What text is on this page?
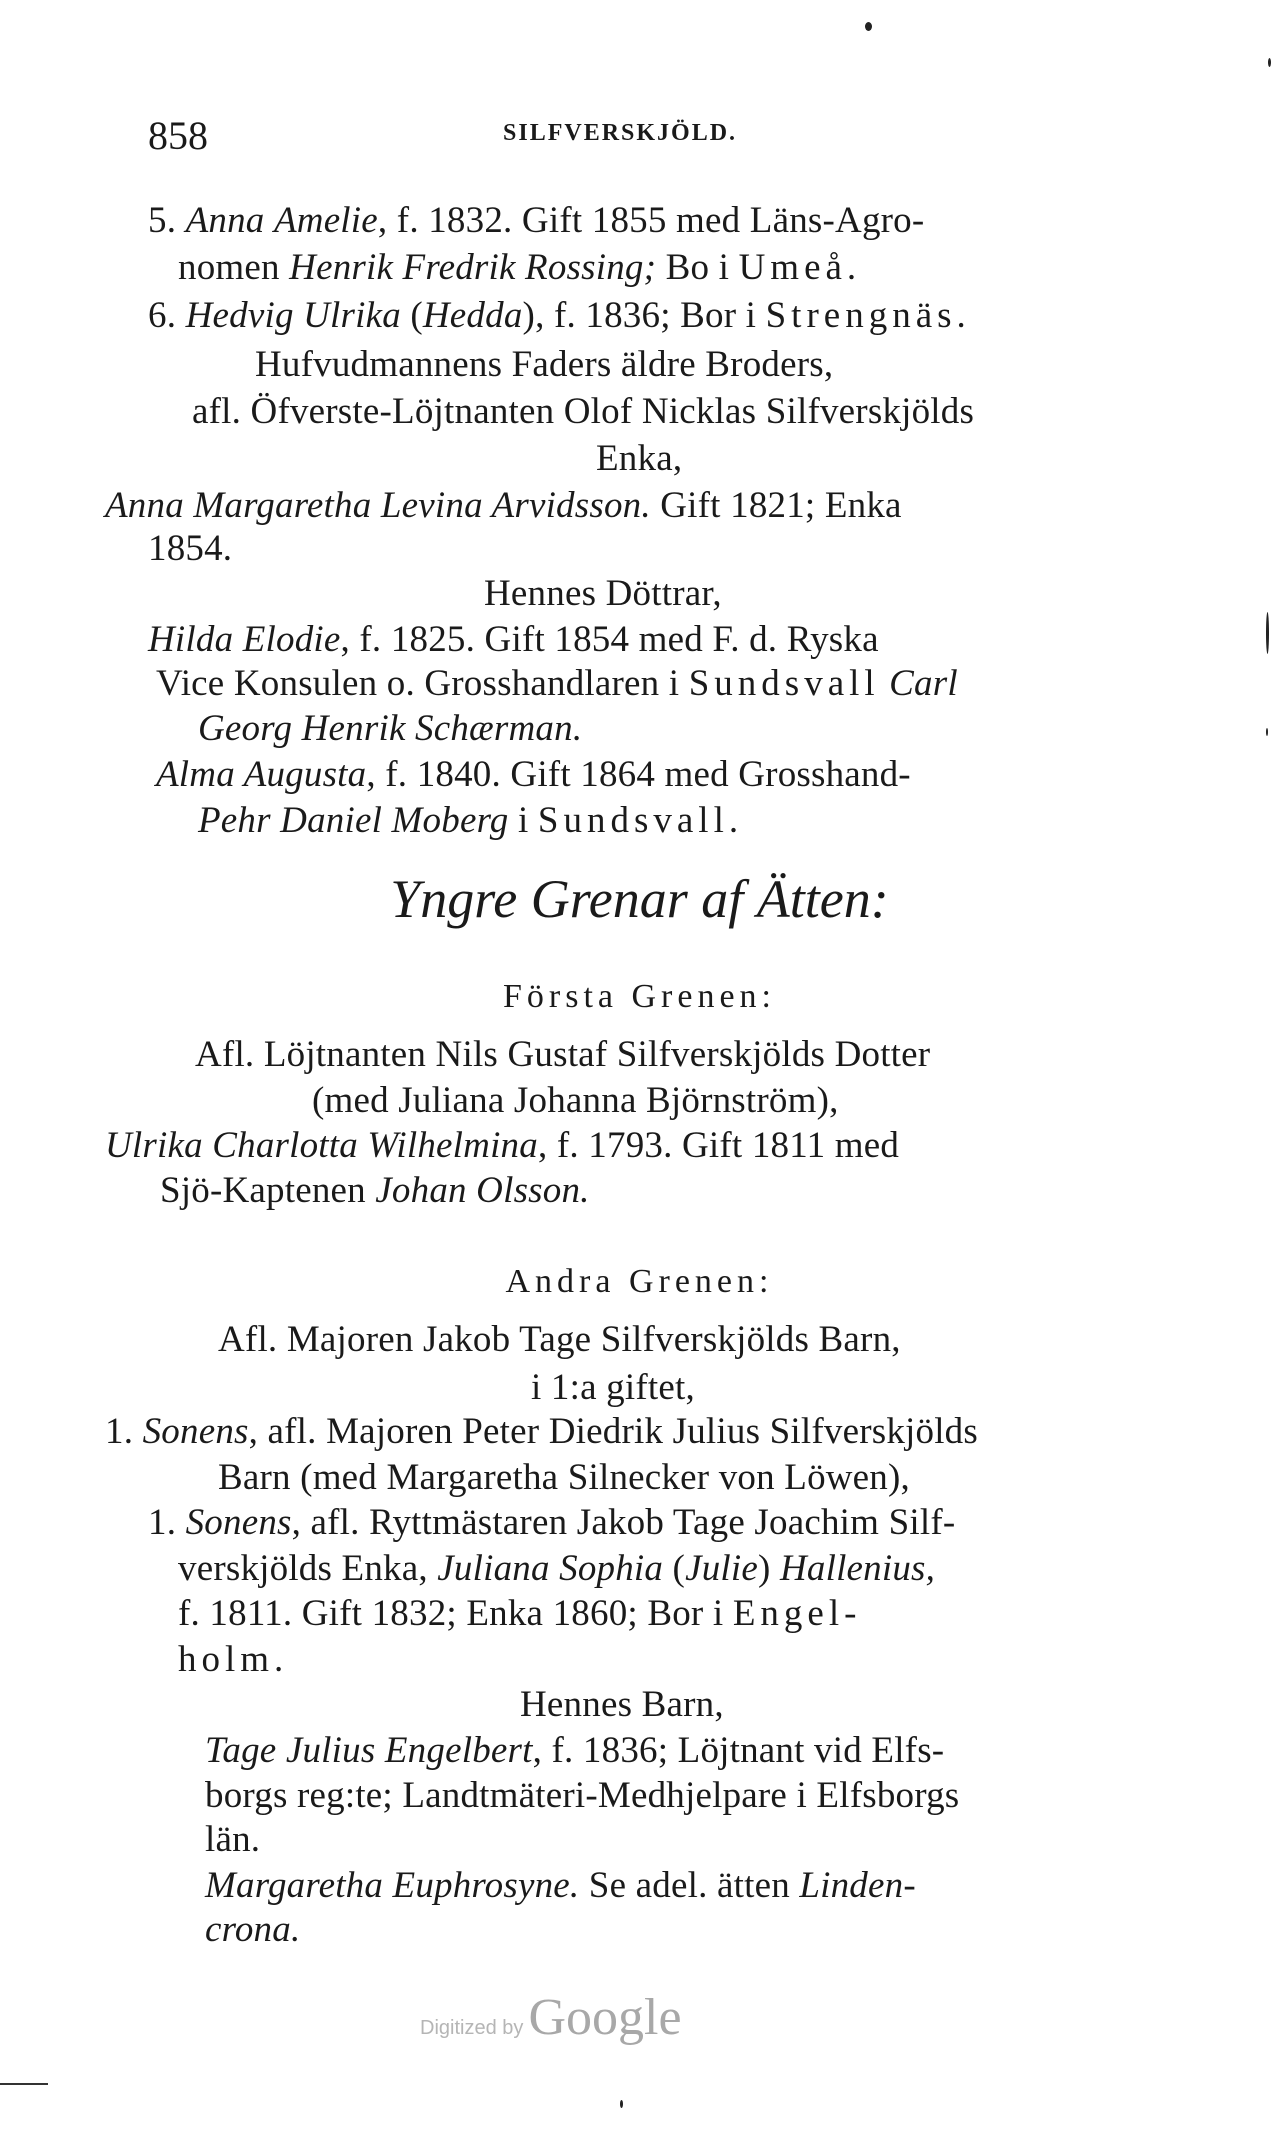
858	SILFVERSKJÖLD.
5. Anna Amelie, f. 1832. Gift 1855 med Läns-Agro-
nomen Henrik Fredrik Rossing; Bo i Umeå.
6. Hedvig Ulrika (Hedda), f. 1836; Bor i Strengnäs.
Hufvudmannens Faders äldre Broders,
afl. Öfverste-Löjtnanten Olof Nicklas Silfverskjölds
Enka,
Anna Margaretha Levina Arvidsson. Gift 1821; Enka
1854.
Hennes Döttrar,
Hilda Elodie, f. 1825. Gift 1854 med F. d. Ryska
Vice Konsulen o. Grosshandlaren i Sundsvall Carl
Georg Henrik Schærman.
Alma Augusta, f. 1840. Gift 1864 med Grosshand-
Pehr Daniel Moberg i Sundsvall.
Yngre Grenar af Ätten:
Första Grenen:
Afl. Löjtnanten Nils Gustaf Silfverskjölds Dotter
(med Juliana Johanna Björnström),
Ulrika Charlotta Wilhelmina, f. 1793. Gift 1811 med
Sjö-Kaptenen Johan Olsson.
Andra Grenen:
Afl. Majoren Jakob Tage Silfverskjölds Barn,
i 1:a giftet,
1. Sonens, afl. Majoren Peter Diedrik Julius Silfverskjölds
Barn (med Margaretha Silnecker von Löwen),
1. Sonens, afl. Ryttmästaren Jakob Tage Joachim Silf-
verskjölds Enka, Juliana Sophia (Julie) Hallenius,
f. 1811. Gift 1832; Enka 1860; Bor i Engel-
holm.
Hennes Barn,
Tage Julius Engelbert, f. 1836; Löjtnant vid Elfs-
borgs reg:te; Landtmäteri-Medhjelpare i Elfsborgs
län.
Margaretha Euphrosyne. Se adel. ätten Linden-
crona.
Digitized by Google
